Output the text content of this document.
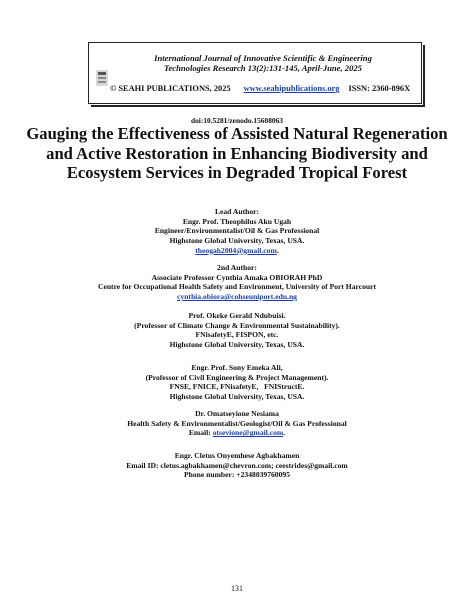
International Journal of Innovative Scientific & Engineering
Technologies Research 13(2):131-145, April-June, 2025
© SEAHI PUBLICATIONS, 2025 www.seahipublications.org ISSN: 2360-896X
doi:10.5281/zenodo.15608063
Gauging the Effectiveness of Assisted Natural Regeneration and Active Restoration in Enhancing Biodiversity and Ecosystem Services in Degraded Tropical Forest
Lead Author:
Engr. Prof. Theophilus Aku Ugah
Engineer/Environmentalist/Oil & Gas Professional
Highstone Global University, Texas, USA.
theogah2004@gmail.com.
2nd Author:
Associate Professor Cynthia Amaka OBIORAH PhD
Centre for Occupational Health Safety and Environment, University of Port Harcourt
cynthia.obiora@cohseuniport.edu.ng
Prof. Okeke Gerald Ndubuisi.
(Professor of Climate Change & Environmental Sustainability).
FNisafetyE, FISPON, etc.
Highstone Global University, Texas, USA.
Engr. Prof. Sony Emeka Ali,
(Professor of Civil Engineering & Project Management).
FNSE, FNICE, FNisafetyE,   FNIStructE.
Highstone Global University, Texas, USA.
Dr. Omatseyione Nesiama
Health Safety & Environmentalist/Geologist/Oil & Gas Professional
Email: otsevione@gmail.com.
Engr. Cletus Onyemhese Agbakhamen
Email ID: cletus.agbakhamen@chevron.com; ceestrides@gmail.com
Phone number: +2348039760095
131
